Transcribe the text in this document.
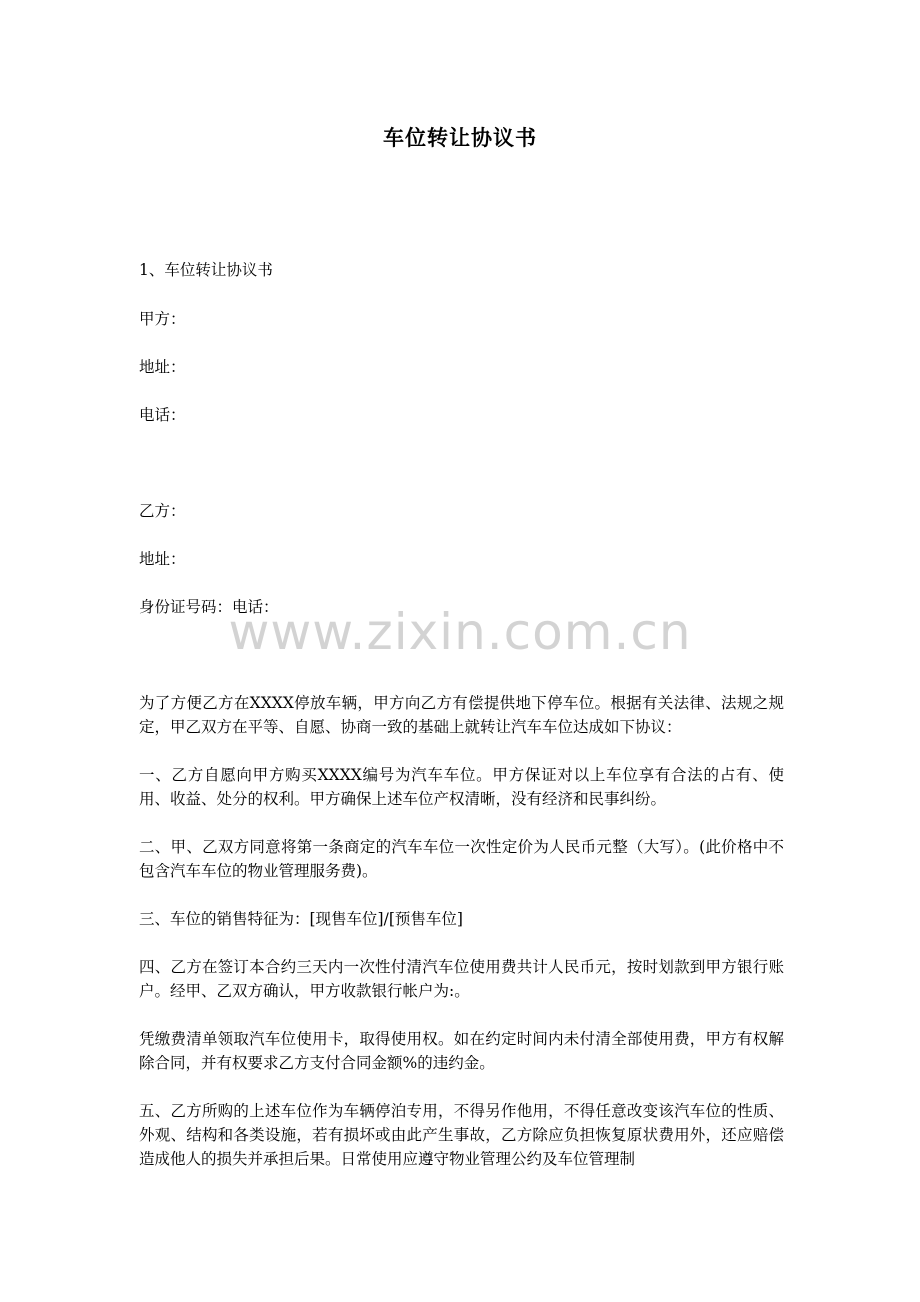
车位转让协议书
1、车位转让协议书
甲方：
地址：
电话：
乙方：
地址：
身份证号码：电话：
www.zixin.com.cn
为了方便乙方在XXXX停放车辆，甲方向乙方有偿提供地下停车位。根据有关法律、法规之规定，甲乙双方在平等、自愿、协商一致的基础上就转让汽车车位达成如下协议：
一、乙方自愿向甲方购买XXXX编号为汽车车位。甲方保证对以上车位享有合法的占有、使用、收益、处分的权利。甲方确保上述车位产权清晰，没有经济和民事纠纷。
二、甲、乙双方同意将第一条商定的汽车车位一次性定价为人民币元整（大写）。(此价格中不包含汽车车位的物业管理服务费)。
三、车位的销售特征为：[现售车位]/[预售车位]
四、乙方在签订本合约三天内一次性付清汽车位使用费共计人民币元，按时划款到甲方银行账户。经甲、乙双方确认，甲方收款银行帐户为:。
凭缴费清单领取汽车位使用卡，取得使用权。如在约定时间内未付清全部使用费，甲方有权解除合同，并有权要求乙方支付合同金额%的违约金。
五、乙方所购的上述车位作为车辆停泊专用，不得另作他用，不得任意改变该汽车位的性质、外观、结构和各类设施，若有损坏或由此产生事故，乙方除应负担恢复原状费用外，还应赔偿造成他人的损失并承担后果。日常使用应遵守物业管理公约及车位管理制
